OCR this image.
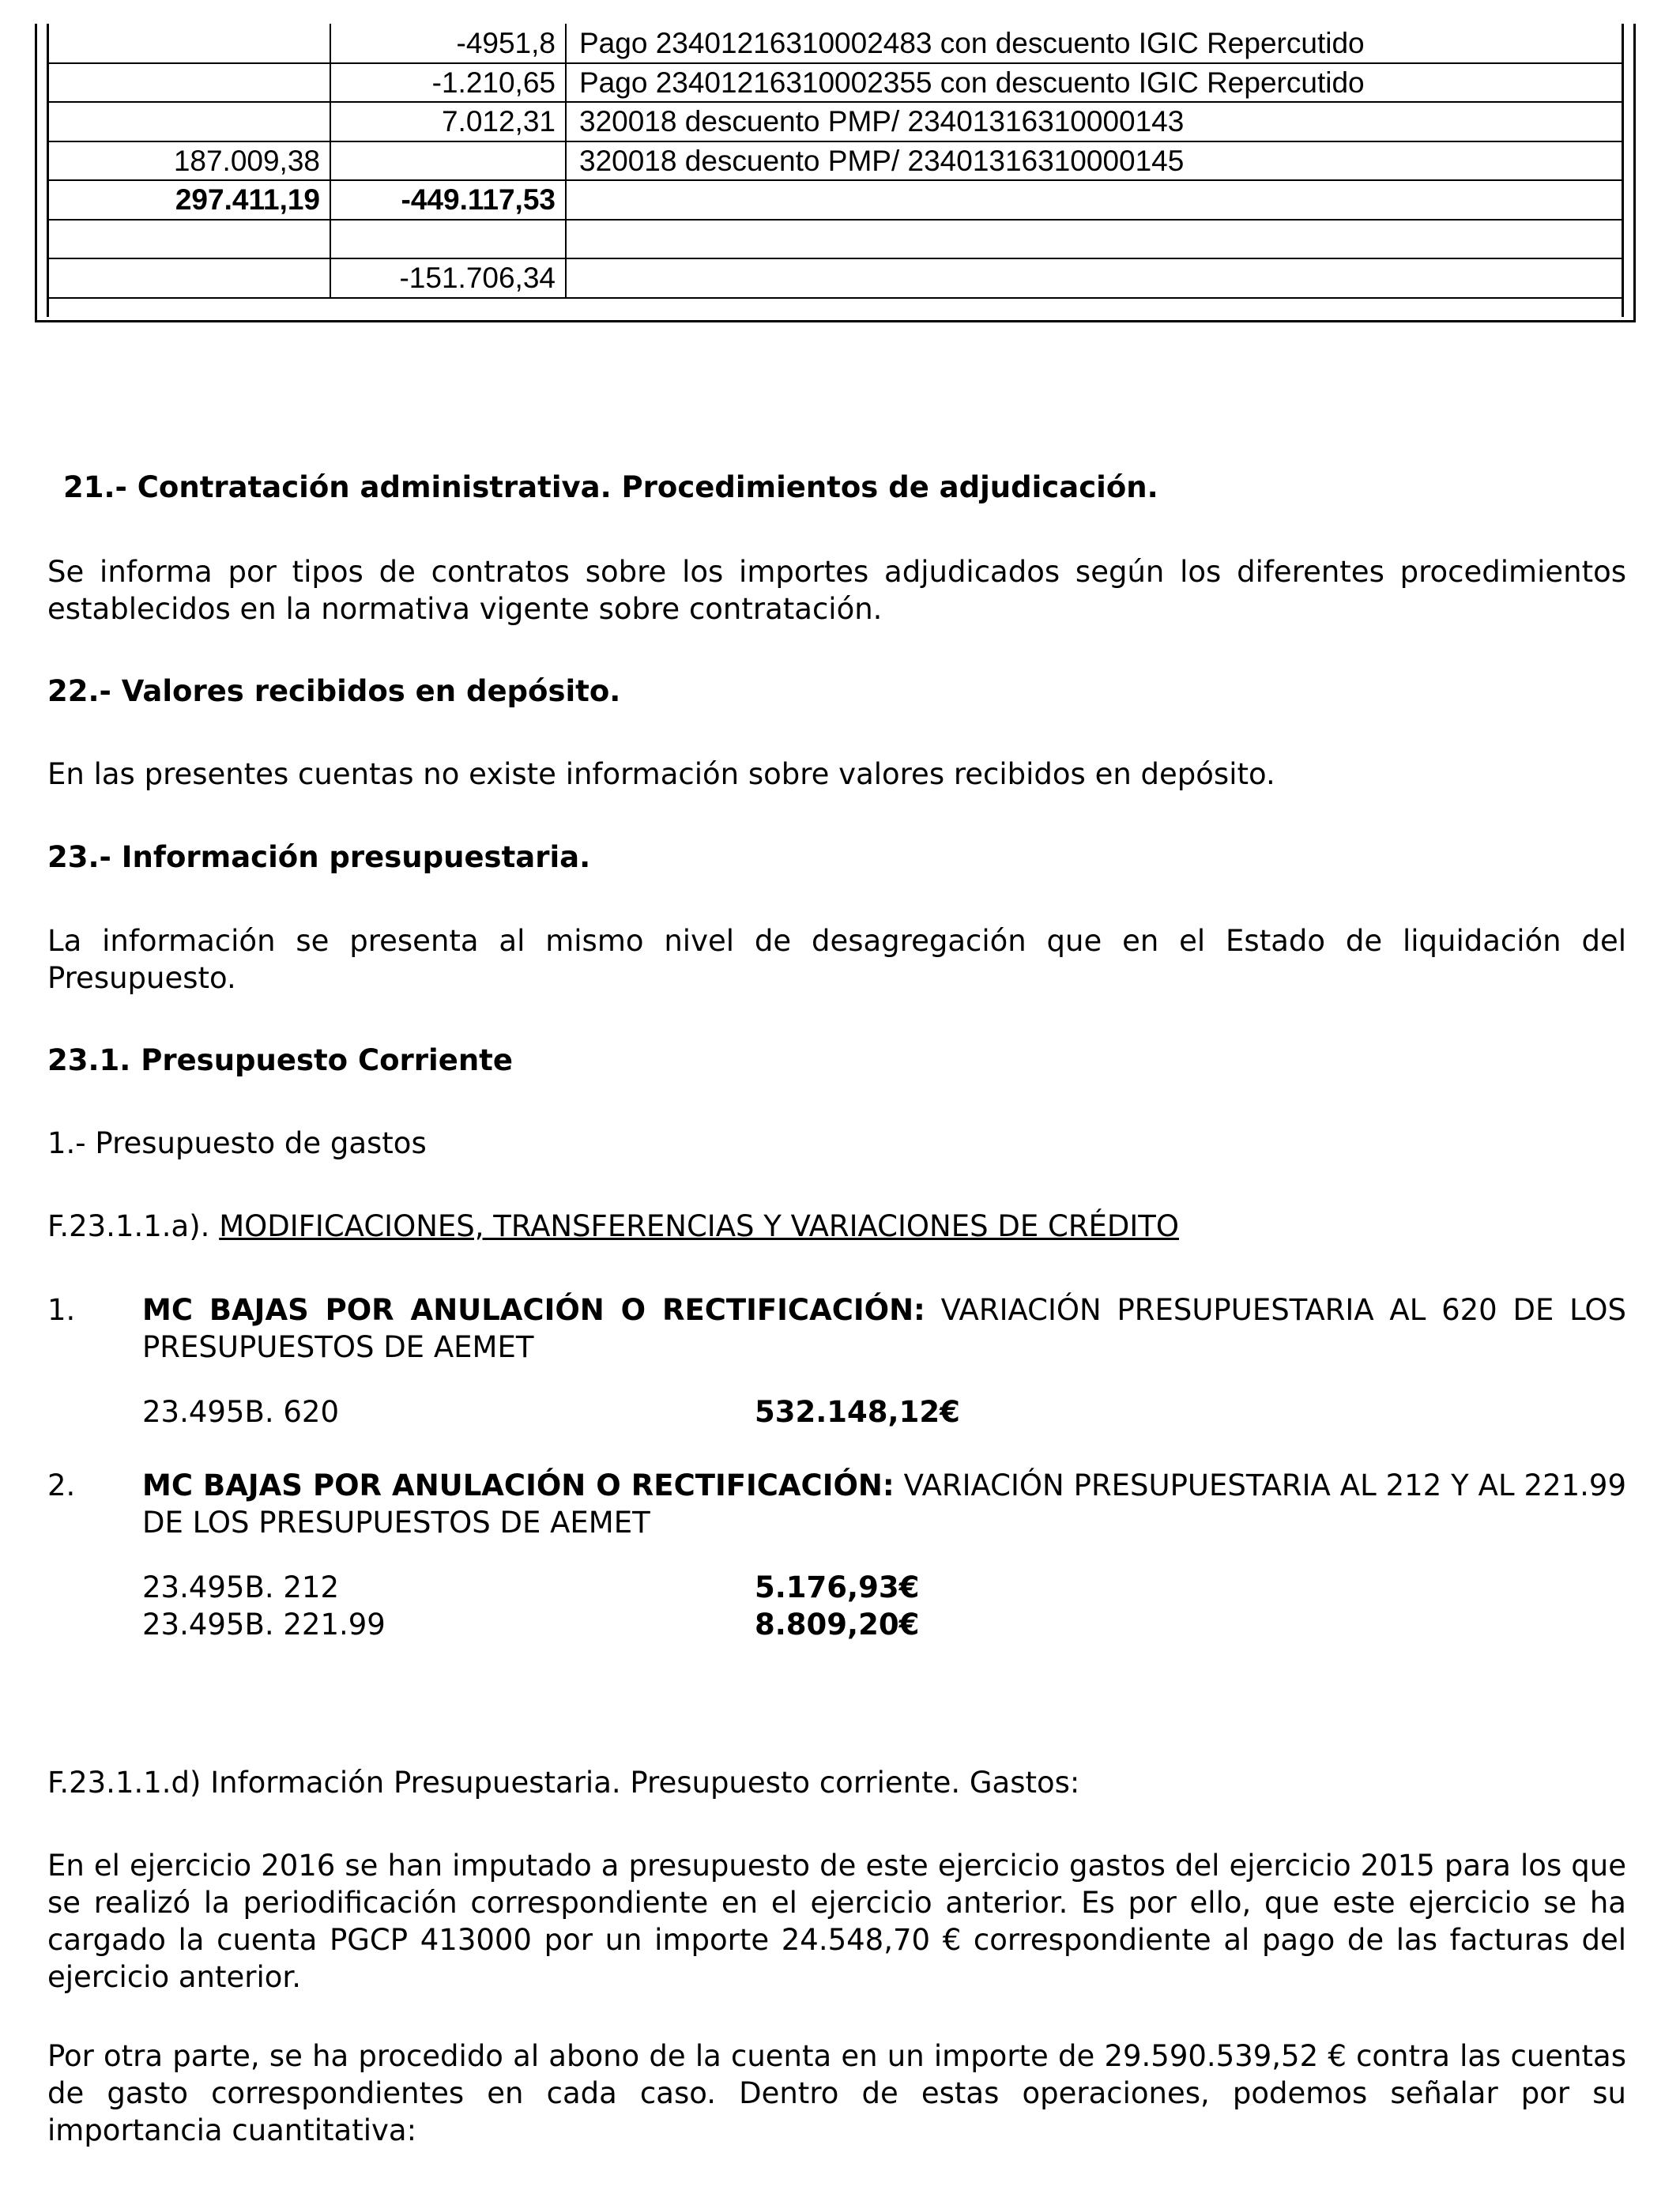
	-4951,8	Pago 23401216310002483 con descuento IGIC Repercutido
	-1.210,65	Pago 23401216310002355 con descuento IGIC Repercutido
	7.012,31	320018 descuento PMP/ 23401316310000143
187.009,38		320018 descuento PMP/ 23401316310000145
297.411,19	-449.117,53	

	-151.706,34	

21.- Contratación administrativa. Procedimientos de adjudicación.

Se informa por tipos de contratos sobre los importes adjudicados según los diferentes procedimientos establecidos en la normativa vigente sobre contratación.

22.- Valores recibidos en depósito.

En las presentes cuentas no existe información sobre valores recibidos en depósito.

23.- Información presupuestaria.

La información se presenta al mismo nivel de desagregación que en el Estado de liquidación del Presupuesto.

23.1. Presupuesto Corriente

1.- Presupuesto de gastos

F.23.1.1.a). MODIFICACIONES, TRANSFERENCIAS Y VARIACIONES DE CRÉDITO

1. MC BAJAS POR ANULACIÓN O RECTIFICACIÓN: VARIACIÓN PRESUPUESTARIA AL 620 DE LOS PRESUPUESTOS DE AEMET

23.495B. 620	532.148,12€

2. MC BAJAS POR ANULACIÓN O RECTIFICACIÓN: VARIACIÓN PRESUPUESTARIA AL 212 Y AL 221.99 DE LOS PRESUPUESTOS DE AEMET

23.495B. 212	5.176,93€

23.495B. 221.99	8.809,20€

F.23.1.1.d) Información Presupuestaria. Presupuesto corriente. Gastos:

En el ejercicio 2016 se han imputado a presupuesto de este ejercicio gastos del ejercicio 2015 para los que se realizó la periodificación correspondiente en el ejercicio anterior. Es por ello, que este ejercicio se ha cargado la cuenta PGCP 413000 por un importe 24.548,70 € correspondiente al pago de las facturas del ejercicio anterior.

Por otra parte, se ha procedido al abono de la cuenta en un importe de 29.590.539,52 € contra las cuentas de gasto correspondientes en cada caso. Dentro de estas operaciones, podemos señalar por su importancia cuantitativa:
